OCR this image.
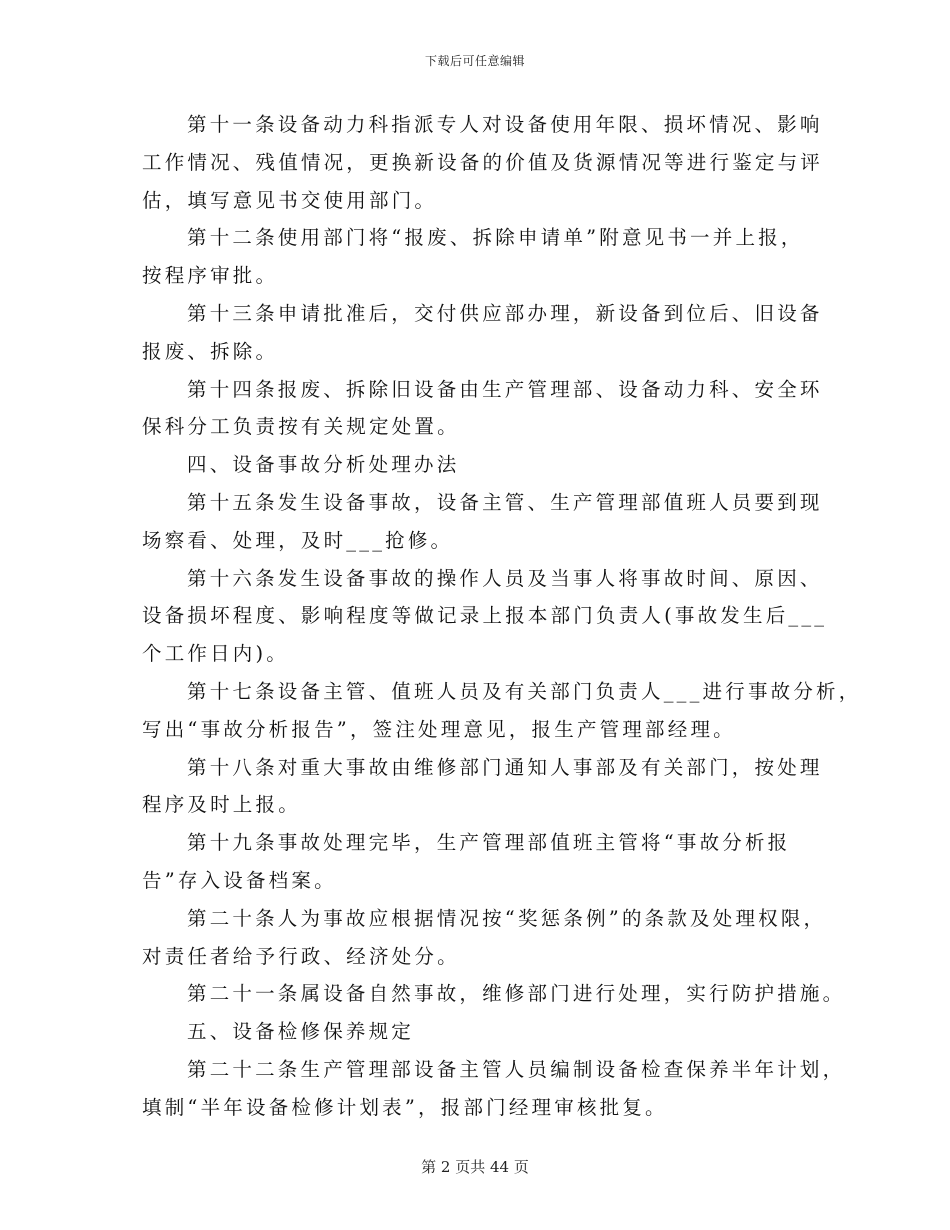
下载后可任意编辑
第十一条设备动力科指派专人对设备使用年限、损坏情况、影响
工作情况、残值情况，更换新设备的价值及货源情况等进行鉴定与评
估，填写意见书交使用部门。
第十二条使用部门将“报废、拆除申请单”附意见书一并上报，
按程序审批。
第十三条申请批准后，交付供应部办理，新设备到位后、旧设备
报废、拆除。
第十四条报废、拆除旧设备由生产管理部、设备动力科、安全环
保科分工负责按有关规定处置。
四、设备事故分析处理办法
第十五条发生设备事故，设备主管、生产管理部值班人员要到现
场察看、处理，及时___抢修。
第十六条发生设备事故的操作人员及当事人将事故时间、原因、
设备损坏程度、影响程度等做记录上报本部门负责人(事故发生后___
个工作日内)。
第十七条设备主管、值班人员及有关部门负责人___进行事故分析，
写出“事故分析报告”，签注处理意见，报生产管理部经理。
第十八条对重大事故由维修部门通知人事部及有关部门，按处理
程序及时上报。
第十九条事故处理完毕，生产管理部值班主管将“事故分析报
告”存入设备档案。
第二十条人为事故应根据情况按“奖惩条例”的条款及处理权限，
对责任者给予行政、经济处分。
第二十一条属设备自然事故，维修部门进行处理，实行防护措施。
五、设备检修保养规定
第二十二条生产管理部设备主管人员编制设备检查保养半年计划，
填制“半年设备检修计划表”，报部门经理审核批复。
第 2 页共 44 页
